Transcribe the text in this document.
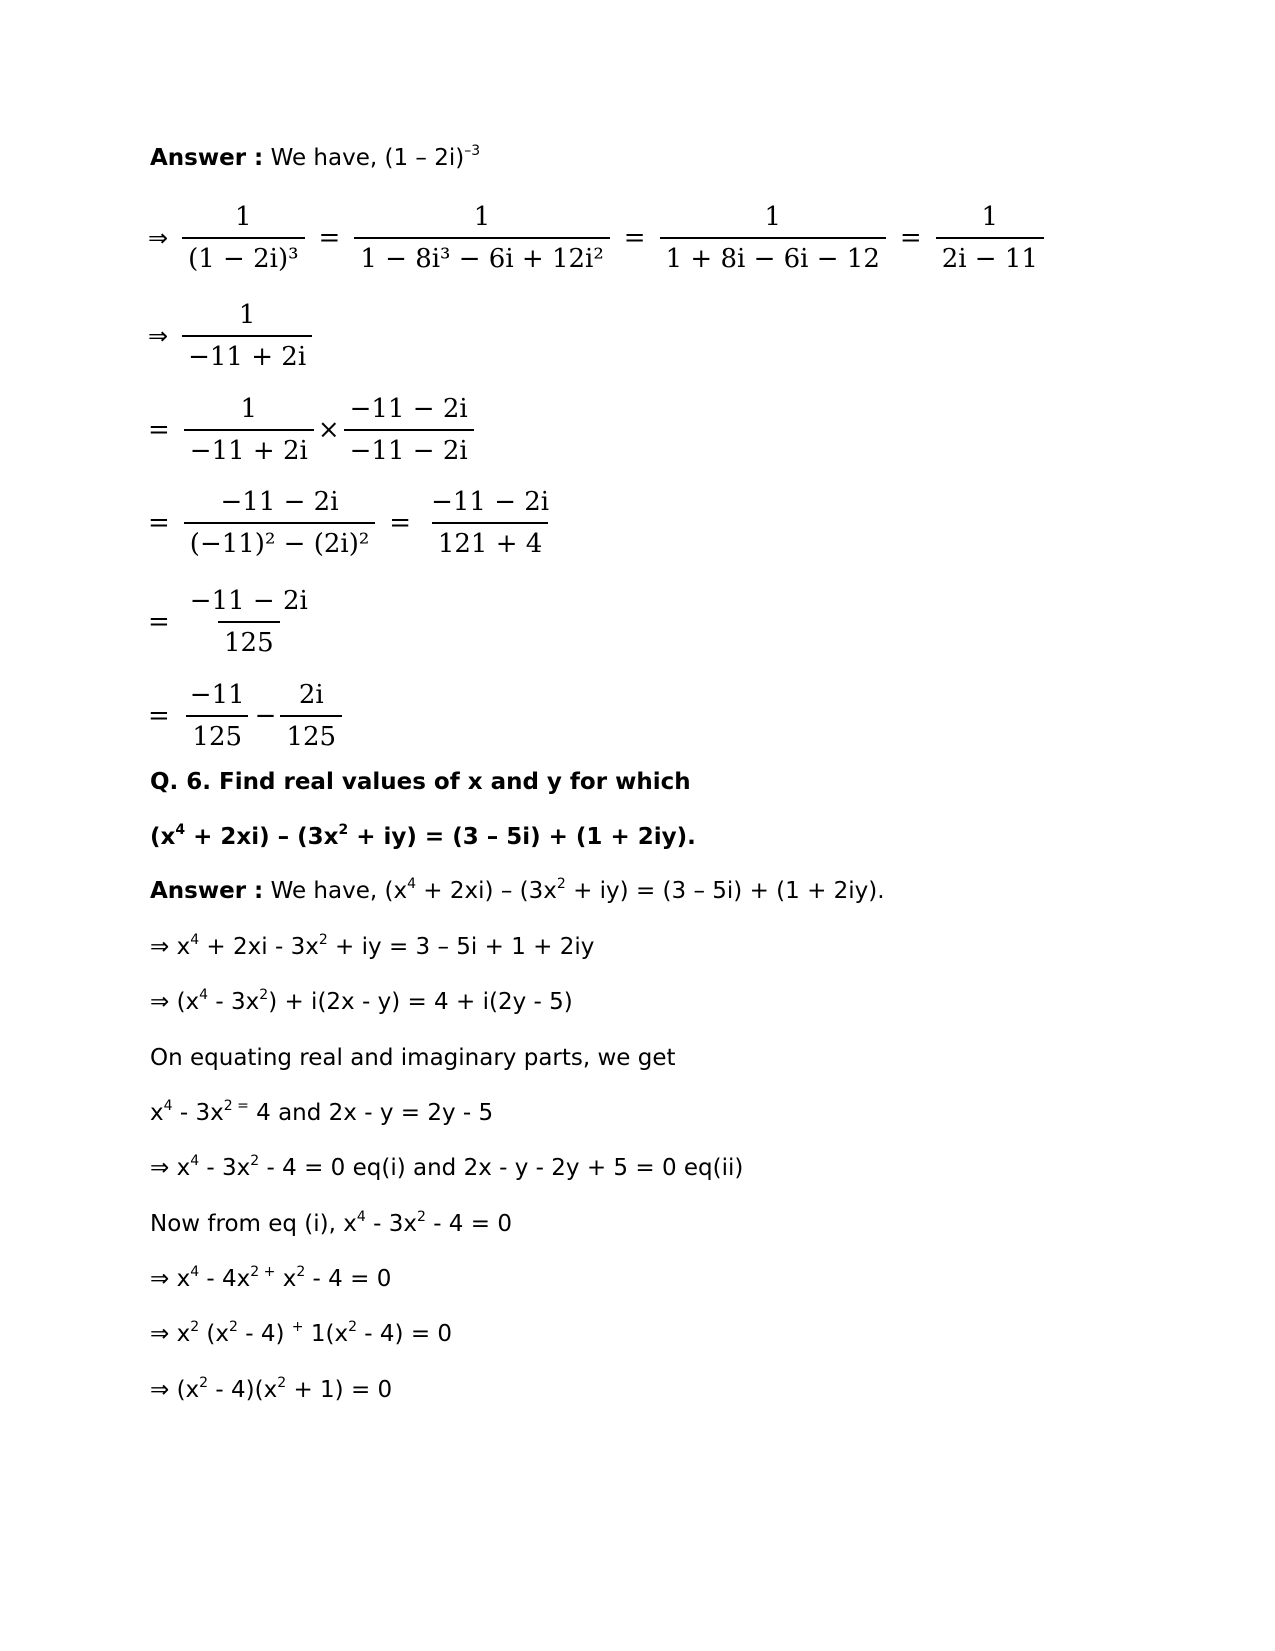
Answer : We have, (1 – 2i)$^{-3}$
⇒ $\frac{1}{\text{(1 − 2i)³}} = \frac{1}{\text{1 − 8i³ − 6i + 12i²}} = \frac{1}{1 + 8i - 6i - 12} = \frac{1}{2i - 11}$
⇒ $\frac{1}{-11 + 2i}$
= $\frac{1}{-11 + 2i} \times \frac{-11 - 2i}{-11 - 2i}$
= $\frac{-11 - 2i}{\text{(−11)² − (2i)²}} = \frac{-11 - 2i}{121 + 4}$
= $\frac{-11 - 2i}{125}$
= $\frac{-11}{125} - \frac{2i}{125}$
Q. 6. Find real values of x and y for which
$(x^4 + 2xi) - (3x^2 + iy) = (3 - 5i) + (1 + 2iy)$.
Answer : We have, $(x^4 + 2xi) - (3x^2 + iy) = (3 - 5i) + (1 + 2iy)$.
⇒ $x^4 + 2xi - 3x^2$ + iy = 3 – 5i + 1 + 2iy
⇒ $(x^4 - 3x^2) + i(2x - y) = 4 + i(2y - 5)$
On equating real and imaginary parts, we get
$x^4 - 3x^{2 =}$ 4 and 2x - y = 2y - 5
⇒ $x^4 - 3x^2 - 4 = 0$ eq(i) and 2x - y - 2y + 5 = 0 eq(ii)
Now from eq (i), $x^4 - 3x^2 - 4 = 0$
⇒ $x^4 - 4x^{2 +}$ $x^2 - 4 = 0$
⇒ $x^2$ $(x^2 - 4)$ + $1(x^2 - 4) = 0$
⇒ $(x^2 - 4)(x^2 + 1) = 0$
